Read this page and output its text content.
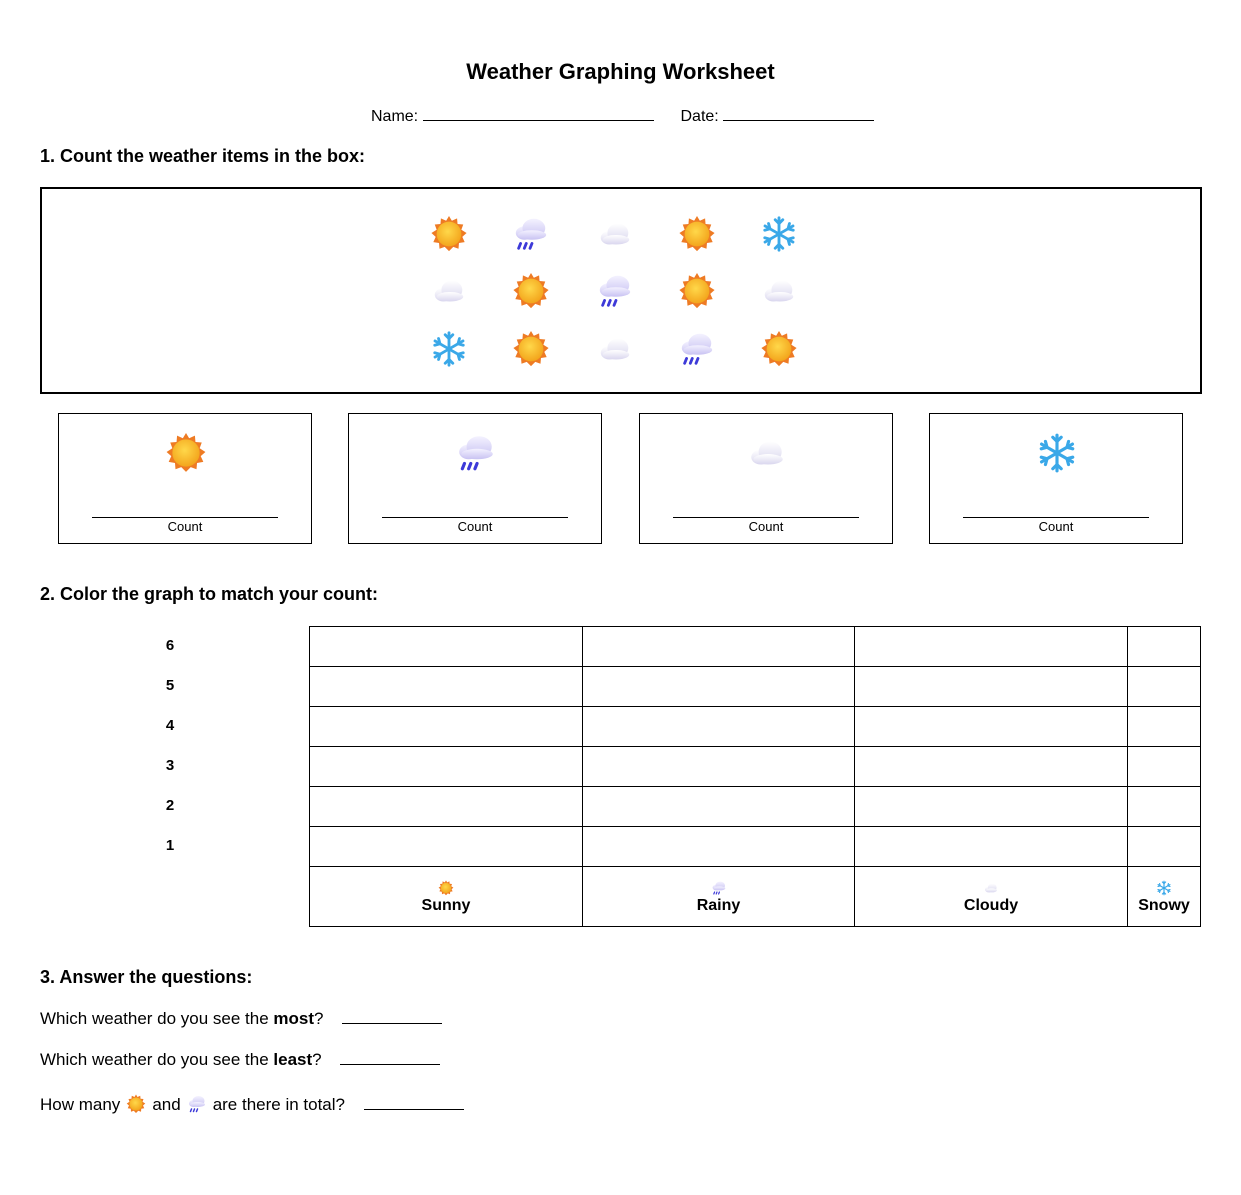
Weather Graphing Worksheet
Name:	Date:
1. Count the weather items in the box:
Count	Count	Count	Count
2. Color the graph to match your count:
6
5
4
3
2
1

Sunny	Rainy	Cloudy	Snowy
3. Answer the questions:
Which weather do you see the most?
Which weather do you see the least?
How many and are there in total?
